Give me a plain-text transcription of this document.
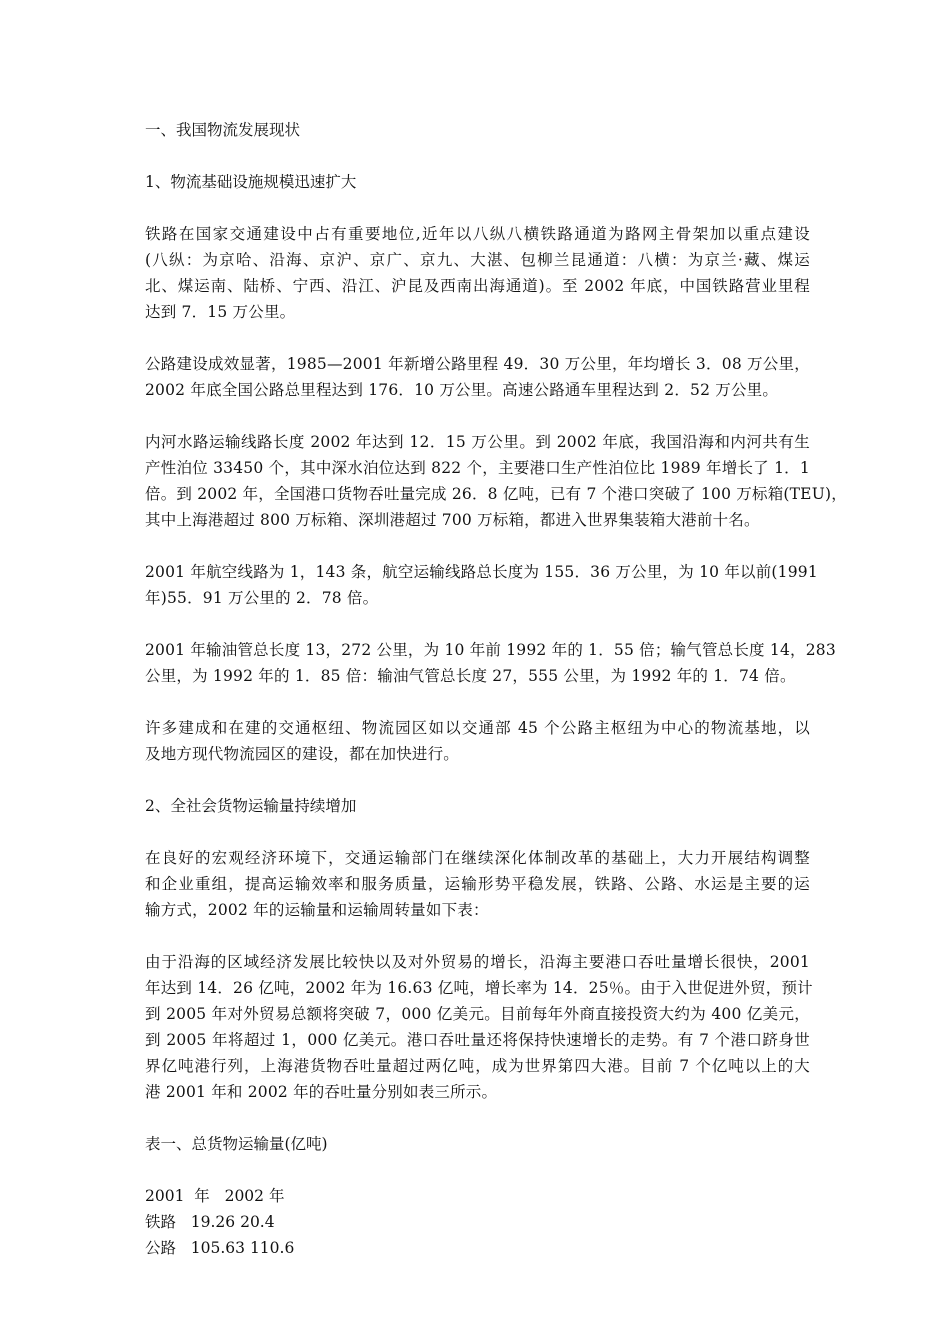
一、我国物流发展现状
1、物流基础设施规模迅速扩大
铁路在国家交通建设中占有重要地位,近年以八纵八横铁路通道为路网主骨架加以重点建设
(八纵：为京哈、沿海、京沪、京广、京九、大湛、包柳兰昆通道：八横：为京兰·藏、煤运
北、煤运南、陆桥、宁西、沿江、沪昆及西南出海通道)。至 2002 年底，中国铁路营业里程
达到 7．15 万公里。
公路建设成效显著，1985—2001 年新增公路里程 49．30 万公里，年均增长 3．08 万公里，
2002 年底全国公路总里程达到 176．10 万公里。高速公路通车里程达到 2．52 万公里。
内河水路运输线路长度 2002 年达到 12．15 万公里。到 2002 年底，我国沿海和内河共有生
产性泊位 33450 个，其中深水泊位达到 822 个，主要港口生产性泊位比 1989 年增长了 1．1
倍。到 2002 年，全国港口货物吞吐量完成 26．8 亿吨，已有 7 个港口突破了 100 万标箱(TEU)，
其中上海港超过 800 万标箱、深圳港超过 700 万标箱，都进入世界集装箱大港前十名。
2001 年航空线路为 1，143 条，航空运输线路总长度为 155．36 万公里，为 10 年以前(1991
年)55．91 万公里的 2．78 倍。
2001 年输油管总长度 13，272 公里，为 10 年前 1992 年的 1．55 倍；输气管总长度 14，283
公里，为 1992 年的 1．85 倍：输油气管总长度 27，555 公里，为 1992 年的 1．74 倍。
许多建成和在建的交通枢纽、物流园区如以交通部 45 个公路主枢纽为中心的物流基地，以
及地方现代物流园区的建设，都在加快进行。
2、全社会货物运输量持续增加
在良好的宏观经济环境下，交通运输部门在继续深化体制改革的基础上，大力开展结构调整
和企业重组，提高运输效率和服务质量，运输形势平稳发展，铁路、公路、水运是主要的运
输方式，2002 年的运输量和运输周转量如下表：
由于沿海的区域经济发展比较快以及对外贸易的增长，沿海主要港口吞吐量增长很快，2001
年达到 14．26 亿吨，2002 年为 16.63 亿吨，增长率为 14．25％。由于入世促进外贸，预计
到 2005 年对外贸易总额将突破 7，000 亿美元。目前每年外商直接投资大约为 400 亿美元，
到 2005 年将超过 1，000 亿美元。港口吞吐量还将保持快速增长的走势。有 7 个港口跻身世
界亿吨港行列，上海港货物吞吐量超过两亿吨，成为世界第四大港。目前 7 个亿吨以上的大
港 2001 年和 2002 年的吞吐量分别如表三所示。
表一、总货物运输量(亿吨)
2001  年   2002 年
铁路   19.26 20.4
公路   105.63 110.6
